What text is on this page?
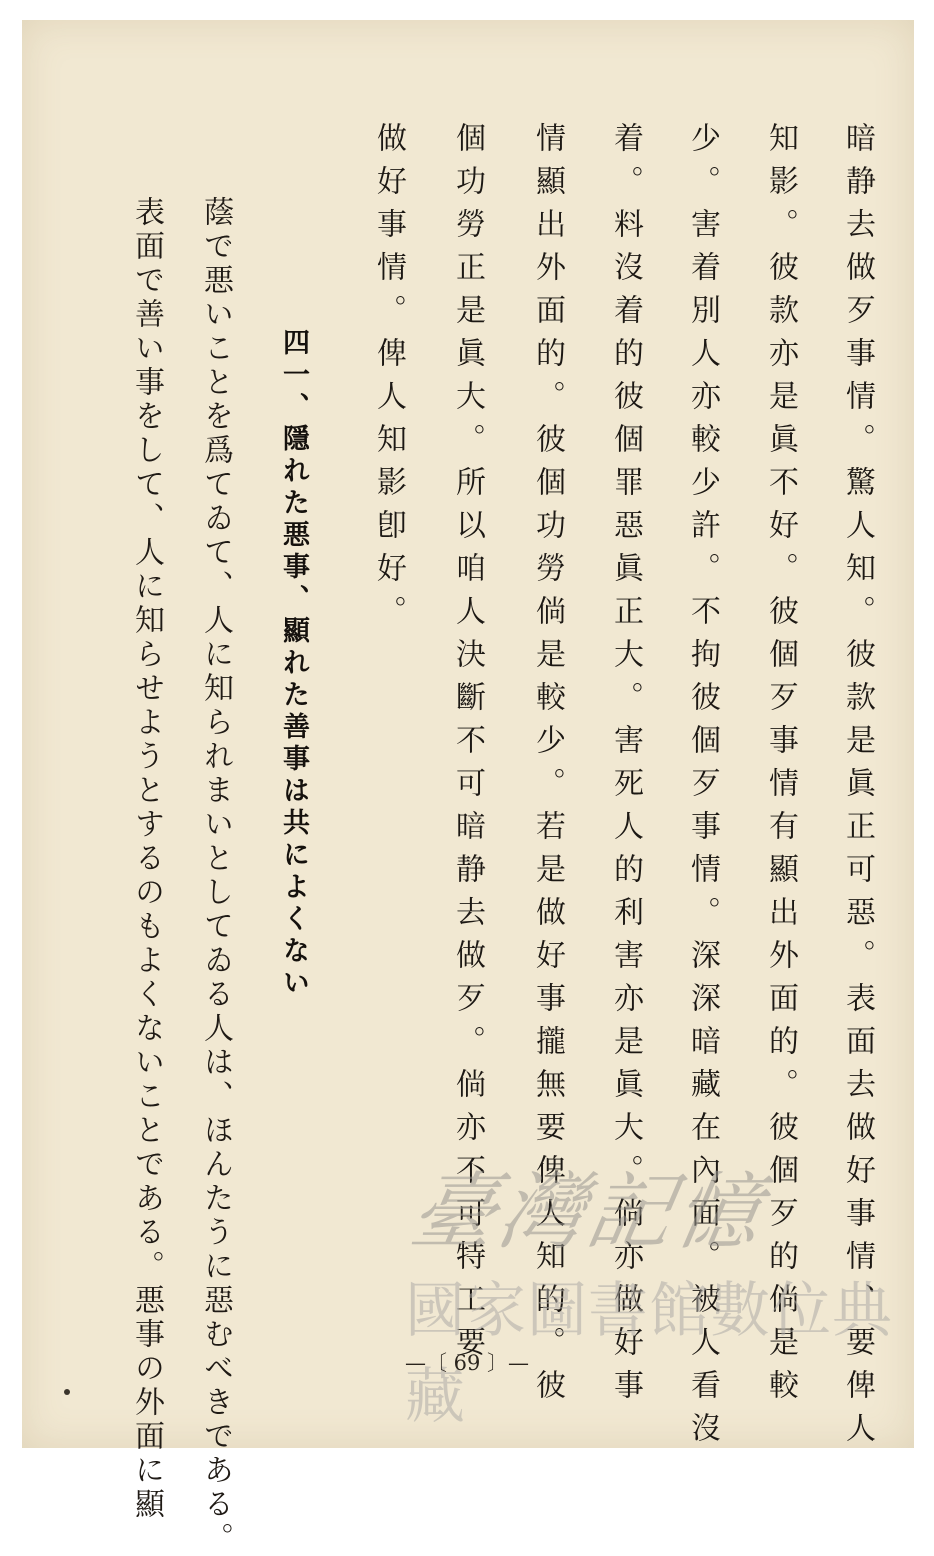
暗静去做歹事情。驚人知。彼款是眞正可惡。表面去做好事情、要俾人

知影。彼款亦是眞不好。彼個歹事情有顯出外面的。彼個歹的倘是較

少。害着別人亦較少許。不拘彼個歹事情。深深暗藏在內面。被人看沒

着。料沒着的彼個罪惡眞正大。害死人的利害亦是眞大。倘亦做好事

情顯出外面的。彼個功勞倘是較少。若是做好事攏無要俾人知的。彼

個功勞正是眞大。所以咱人決斷不可暗静去做歹。倘亦不可特工要

做好事情。俾人知影卽好。

四一、隱れた悪事、顯れた善事は共によくない

蔭で悪いことを爲てゐて、人に知られまいとしてゐる人は、ほんたうに惡むべきである。

表面で善い事をして、人に知らせようとするのもよくないことである。悪事の外面に顯	臺灣記憶
國家圖書館數位典藏
—〔 69 〕—
